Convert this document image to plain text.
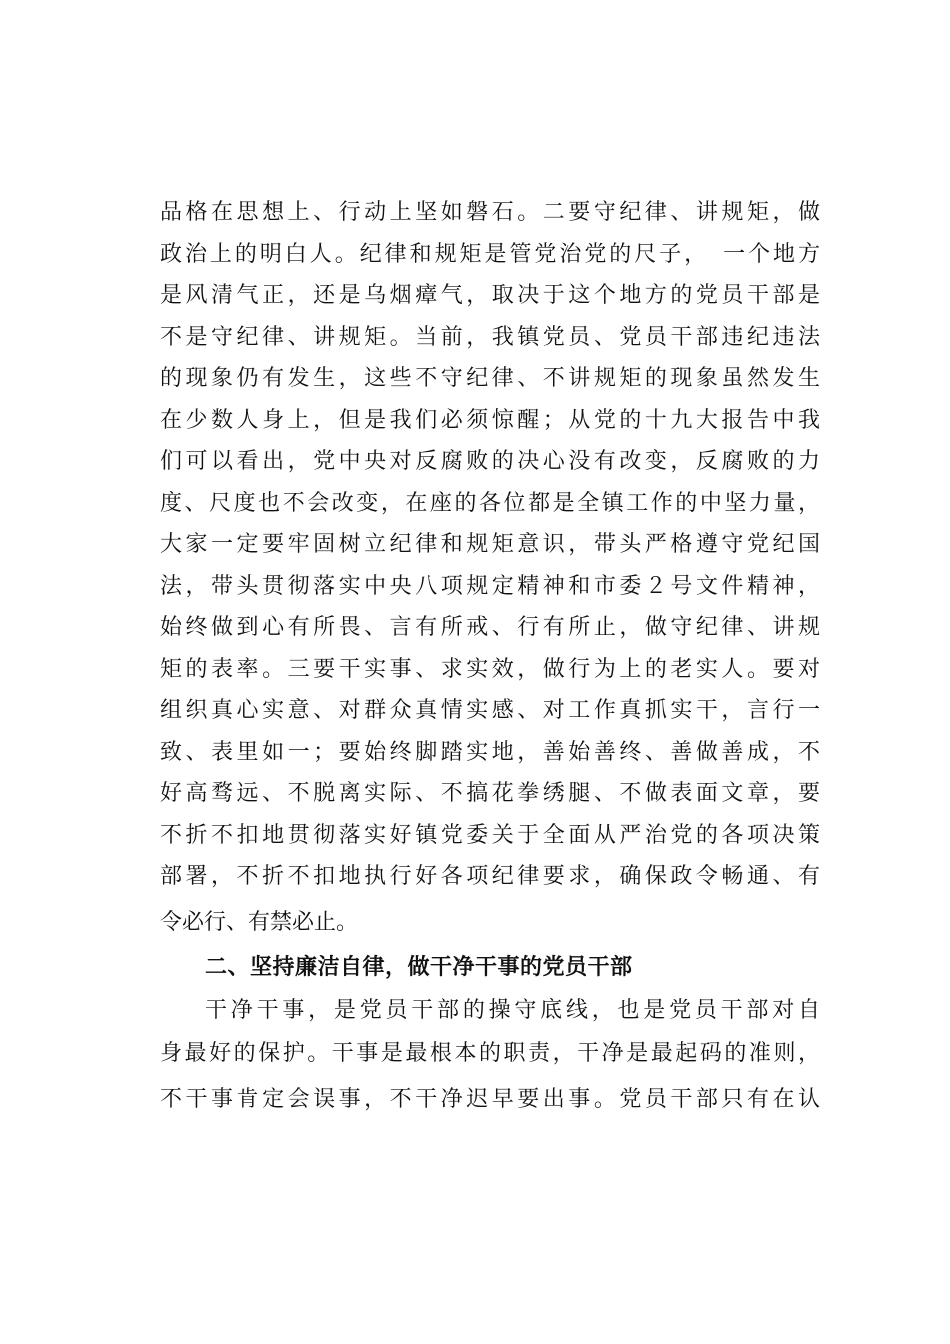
品格在思想上、行动上坚如磐石。二要守纪律、讲规矩，做
政治上的明白人。纪律和规矩是管党治党的尺子，　一个地方
是风清气正，还是乌烟瘴气，取决于这个地方的党员干部是
不是守纪律、讲规矩。当前，我镇党员、党员干部违纪违法
的现象仍有发生，这些不守纪律、不讲规矩的现象虽然发生
在少数人身上，但是我们必须惊醒；从党的十九大报告中我
们可以看出，党中央对反腐败的决心没有改变，反腐败的力
度、尺度也不会改变，在座的各位都是全镇工作的中坚力量，
大家一定要牢固树立纪律和规矩意识，带头严格遵守党纪国
法，带头贯彻落实中央八项规定精神和市委２号文件精神，
始终做到心有所畏、言有所戒、行有所止，做守纪律、讲规
矩的表率。三要干实事、求实效，做行为上的老实人。要对
组织真心实意、对群众真情实感、对工作真抓实干，言行一
致、表里如一；要始终脚踏实地，善始善终、善做善成，不
好高骛远、不脱离实际、不搞花拳绣腿、不做表面文章，要
不折不扣地贯彻落实好镇党委关于全面从严治党的各项决策
部署，不折不扣地执行好各项纪律要求，确保政令畅通、有
令必行、有禁必止。
二、坚持廉洁自律，做干净干事的党员干部
干净干事，是党员干部的操守底线，也是党员干部对自
身最好的保护。干事是最根本的职责，干净是最起码的准则，
不干事肯定会误事，不干净迟早要出事。党员干部只有在认
